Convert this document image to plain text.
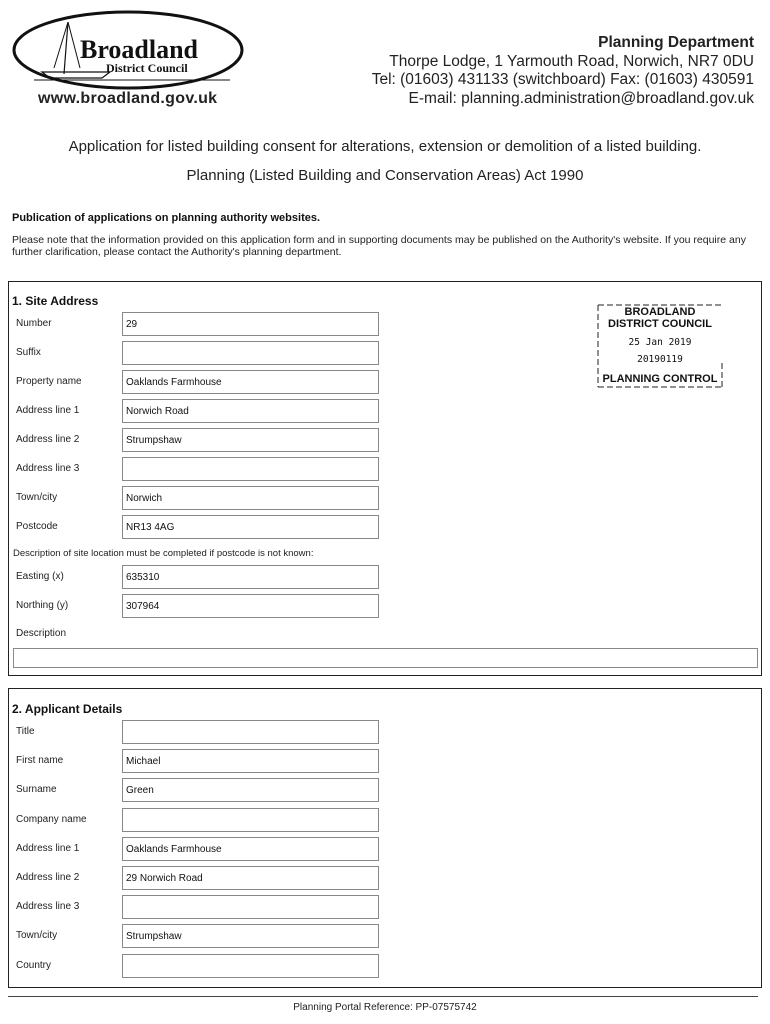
Broadland
District Council
www.broadland.gov.uk
Planning Department
Thorpe Lodge, 1 Yarmouth Road, Norwich, NR7 0DU
Tel: (01603) 431133 (switchboard) Fax: (01603) 430591
E-mail: planning.administration@broadland.gov.uk
Application for listed building consent for alterations, extension or demolition of a listed building.
Planning (Listed Building and Conservation Areas) Act 1990
Publication of applications on planning authority websites.
Please note that the information provided on this application form and in supporting documents may be published on the Authority's website. If you require any further clarification, please contact the Authority's planning department.
1. Site Address
Number	29
Suffix
Property name	Oaklands Farmhouse
Address line 1	Norwich Road
Address line 2	Strumpshaw
Address line 3
Town/city	Norwich
Postcode	NR13 4AG
Description of site location must be completed if postcode is not known:
Easting (x)	635310
Northing (y)	307964
Description
BROADLAND
DISTRICT COUNCIL
25 Jan 2019
20190119
PLANNING CONTROL
2. Applicant Details
Title
First name	Michael
Surname	Green
Company name
Address line 1	Oaklands Farmhouse
Address line 2	29 Norwich Road
Address line 3
Town/city	Strumpshaw
Country
Planning Portal Reference: PP-07575742
